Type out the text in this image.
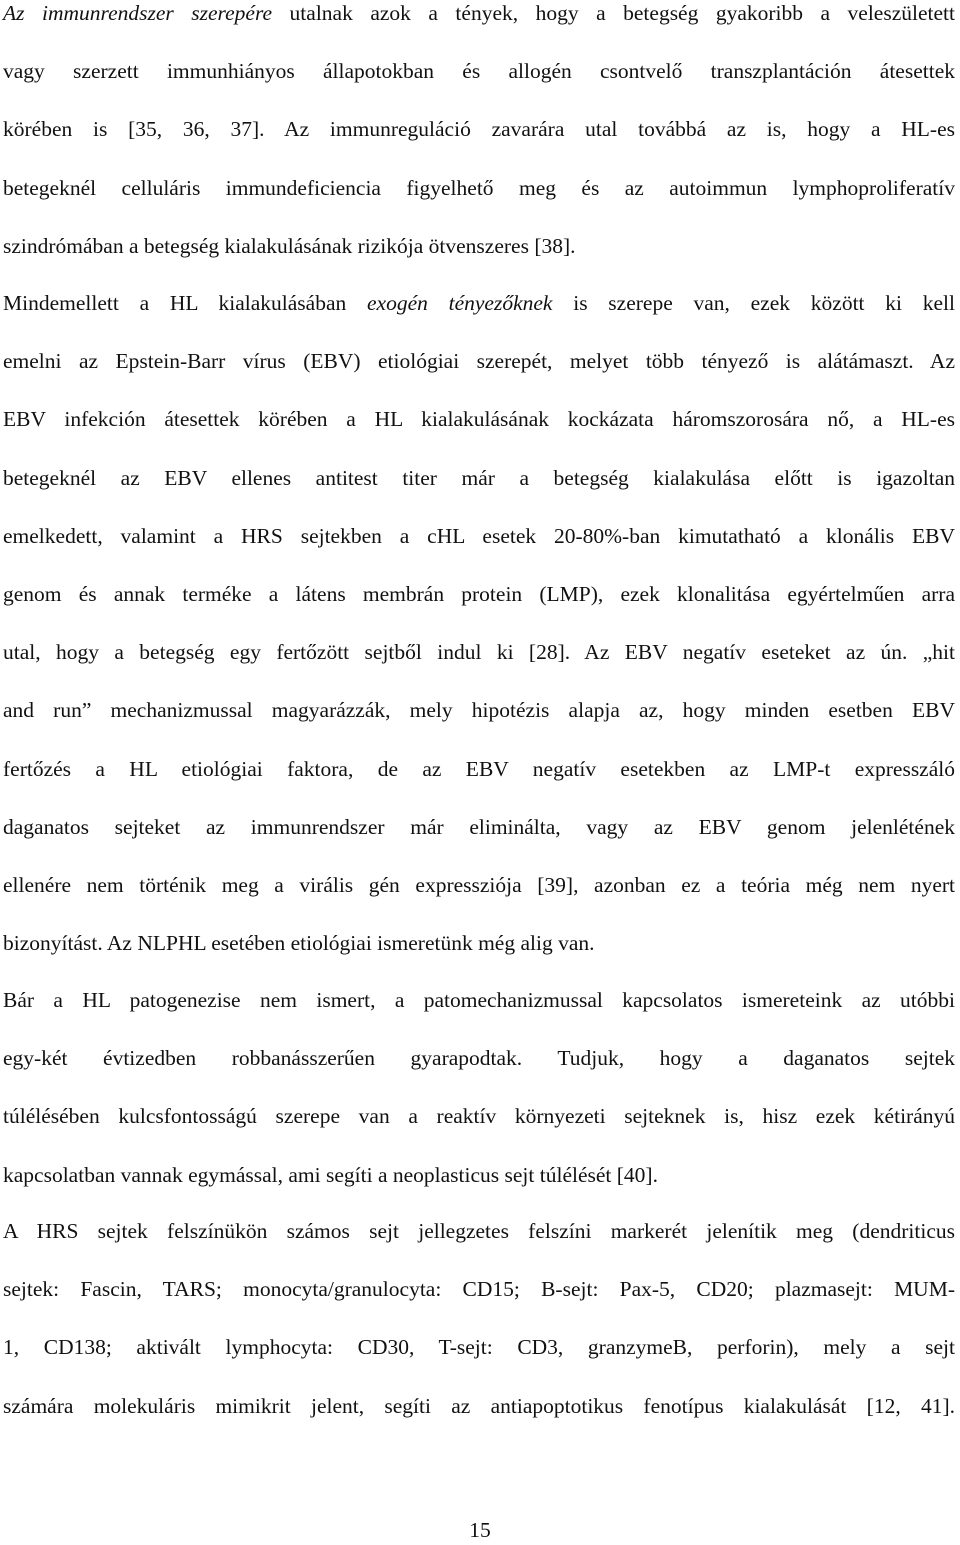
Az immunrendszer szerepére utalnak azok a tények, hogy a betegség gyakoribb a veleszületett
vagy szerzett immunhiányos állapotokban és allogén csontvelő transzplantáción átesettek
körében is [35, 36, 37]. Az immunreguláció zavarára utal továbbá az is, hogy a HL-es
betegeknél celluláris immundeficiencia figyelhető meg és az autoimmun lymphoproliferatív
szindrómában a betegség kialakulásának rizikója ötvenszeres [38].
Mindemellett a HL kialakulásában exogén tényezőknek is szerepe van, ezek között ki kell
emelni az Epstein-Barr vírus (EBV) etiológiai szerepét, melyet több tényező is alátámaszt. Az
EBV infekción átesettek körében a HL kialakulásának kockázata háromszorosára nő, a HL-es
betegeknél az EBV ellenes antitest titer már a betegség kialakulása előtt is igazoltan
emelkedett, valamint a HRS sejtekben a cHL esetek 20-80%-ban kimutatható a klonális EBV
genom és annak terméke a látens membrán protein (LMP), ezek klonalitása egyértelműen arra
utal, hogy a betegség egy fertőzött sejtből indul ki [28]. Az EBV negatív eseteket az ún. „hit
and run” mechanizmussal magyarázzák, mely hipotézis alapja az, hogy minden esetben EBV
fertőzés a HL etiológiai faktora, de az EBV negatív esetekben az LMP-t expresszáló
daganatos sejteket az immunrendszer már eliminálta, vagy az EBV genom jelenlétének
ellenére nem történik meg a virális gén expressziója [39], azonban ez a teória még nem nyert
bizonyítást. Az NLPHL esetében etiológiai ismeretünk még alig van.
Bár a HL patogenezise nem ismert, a patomechanizmussal kapcsolatos ismereteink az utóbbi
egy-két évtizedben robbanásszerűen gyarapodtak. Tudjuk, hogy a daganatos sejtek
túlélésében kulcsfontosságú szerepe van a reaktív környezeti sejteknek is, hisz ezek kétirányú
kapcsolatban vannak egymással, ami segíti a neoplasticus sejt túlélését [40].
A HRS sejtek felszínükön számos sejt jellegzetes felszíni markerét jelenítik meg (dendriticus
sejtek: Fascin, TARS; monocyta/granulocyta: CD15; B-sejt: Pax-5, CD20; plazmasejt: MUM-
1, CD138; aktivált lymphocyta: CD30, T-sejt: CD3, granzymeB, perforin), mely a sejt
számára molekuláris mimikrit jelent, segíti az antiapoptotikus fenotípus kialakulását [12, 41].
15
